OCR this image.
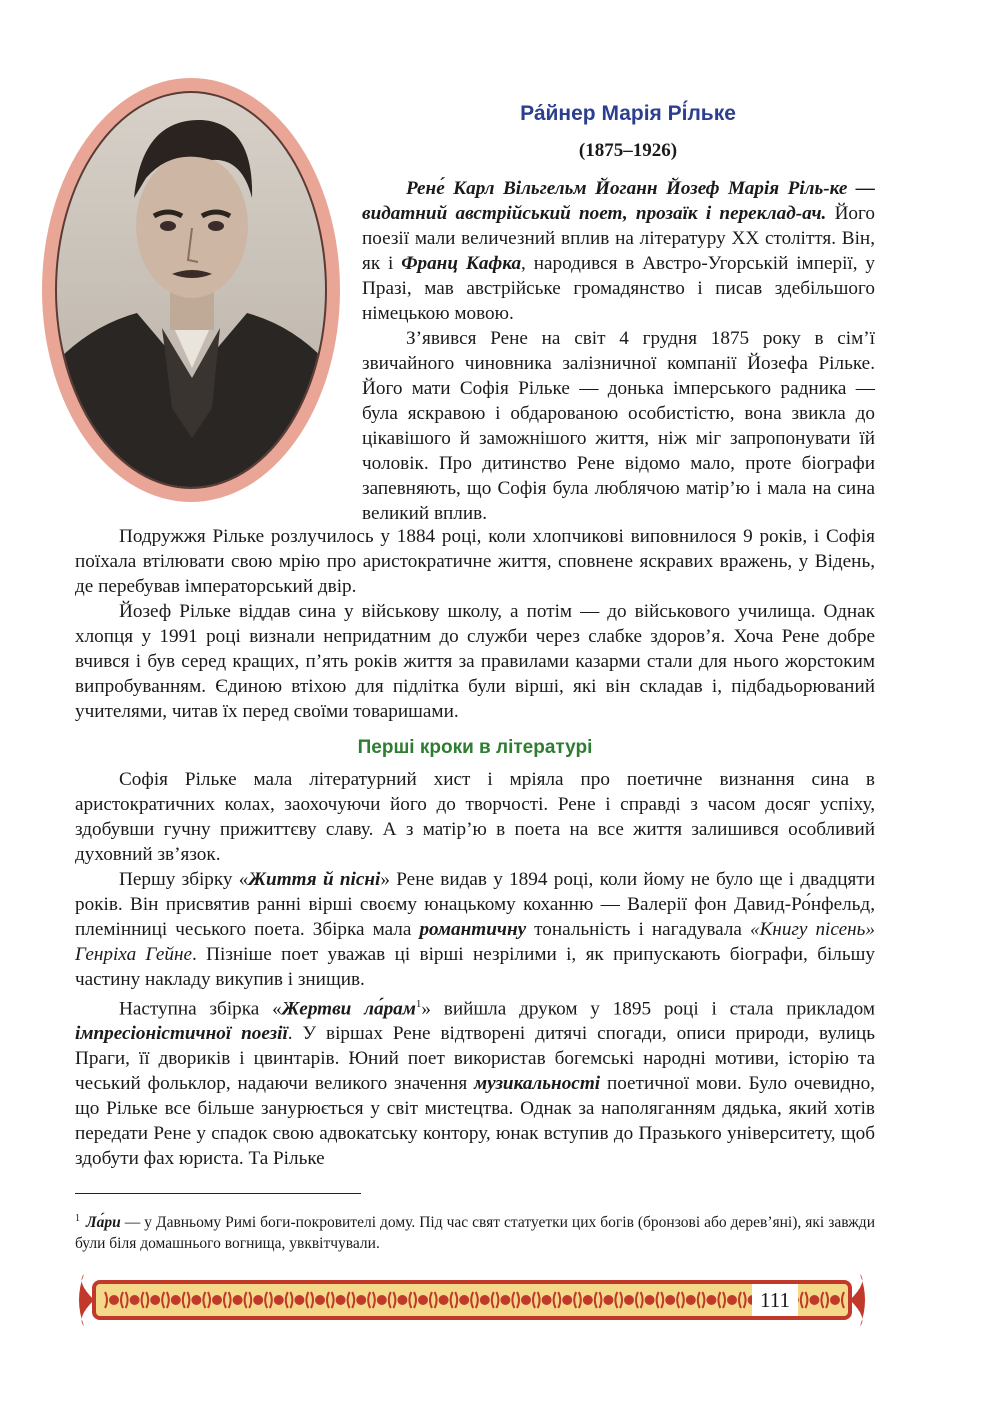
Ра́йнер Марія Рі́льке
(1875–1926)

Рене́ Карл Вільгельм Йоганн Йозеф Марія Ріль-ке — видатний австрійський поет, прозаїк і переклад-ач. Його поезії мали величезний вплив на літературу ХХ століття. Він, як і Франц Кафка, народився в Австро-Угорській імперії, у Празі, мав австрійське громадянство і писав здебільшого німецькою мовою.

З’явився Рене на світ 4 грудня 1875 року в сім’ї звичайного чиновника залізничної компанії Йозефа Рільке. Його мати Софія Рільке — донька імперського радника — була яскравою і обдарованою особистістю, вона звикла до цікавішого й заможнішого життя, ніж міг запропонувати їй чоловік. Про дитинство Рене відомо мало, проте біографи запевняють, що Софія була люблячою матір’ю і мала на сина великий вплив.

Подружжя Рільке розлучилось у 1884 році, коли хлопчикові виповнилося 9 років, і Софія поїхала втілювати свою мрію про аристократичне життя, сповнене яскравих вражень, у Відень, де перебував імператорський двір.

Йозеф Рільке віддав сина у військову школу, а потім — до військового училища. Однак хлопця у 1991 році визнали непридатним до служби через слабке здоров’я. Хоча Рене добре вчився і був серед кращих, п’ять років життя за правилами казарми стали для нього жорстоким випробуванням. Єдиною втіхою для підлітка були вірші, які він складав і, підбадьорюваний учителями, читав їх перед своїми товаришами.

Перші кроки в літературі

Софія Рільке мала літературний хист і мріяла про поетичне визнання сина в аристократичних колах, заохочуючи його до творчості. Рене і справді з часом досяг успіху, здобувши гучну прижиттєву славу. А з матір’ю в поета на все життя залишився особливий духовний зв’язок.

Першу збірку «Життя й пісні» Рене видав у 1894 році, коли йому не було ще і двадцяти років. Він присвятив ранні вірші своєму юнацькому коханню — Валерії фон Давид-Ро́нфельд, племінниці чеського поета. Збірка мала романтичну тональність і нагадувала «Книгу пісень» Генріха Гейне. Пізніше поет уважав ці вірші незрілими і, як припускають біографи, більшу частину накладу викупив і знищив.

Наступна збірка «Жертви ла́рам$^1$» вийшла друком у 1895 році і стала прикладом імпресіоністичної поезії. У віршах Рене відтворені дитячі спогади, описи природи, вулиць Праги, її двориків і цвинтарів. Юний поет використав богемські народні мотиви, історію та чеський фольклор, надаючи великого значення музикальності поетичної мови. Було очевидно, що Рільке все більше занурюється у світ мистецтва. Однак за наполяганням дядька, який хотів передати Рене у спадок свою адвокатську контору, юнак вступив до Празького університету, щоб здобути фах юриста. Та Рільке

$^1$ Ла́ри — у Давньому Римі боги-покровителі дому. Під час свят статуетки цих богів (бронзові або дерев’яні), які завжди були біля домашнього вогнища, увквітчували.
111
